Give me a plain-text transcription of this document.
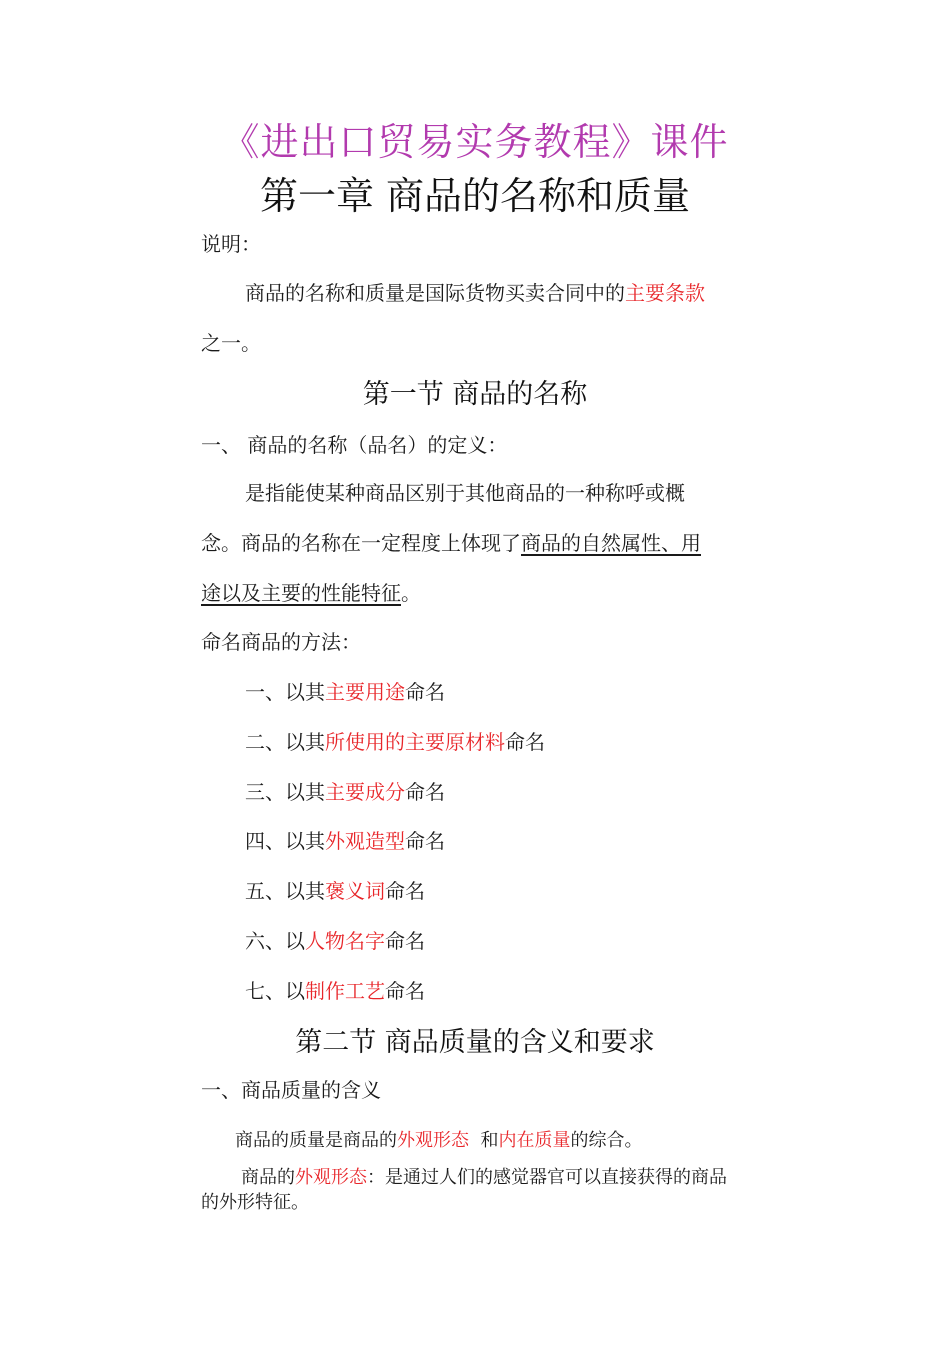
《进出口贸易实务教程》课件
第一章 商品的名称和质量
说明：
商品的名称和质量是国际货物买卖合同中的主要条款
之一。
第一节 商品的名称
一、 商品的名称（品名）的定义：
是指能使某种商品区别于其他商品的一种称呼或概
念。商品的名称在一定程度上体现了商品的自然属性、用
途以及主要的性能特征。
命名商品的方法：
一、以其主要用途命名
二、以其所使用的主要原材料命名
三、以其主要成分命名
四、以其外观造型命名
五、以其褒义词命名
六、以人物名字命名
七、以制作工艺命名
第二节 商品质量的含义和要求
一、商品质量的含义
商品的质量是商品的外观形态  和内在质量的综合。
商品的外观形态：是通过人们的感觉器官可以直接获得的商品
的外形特征。
